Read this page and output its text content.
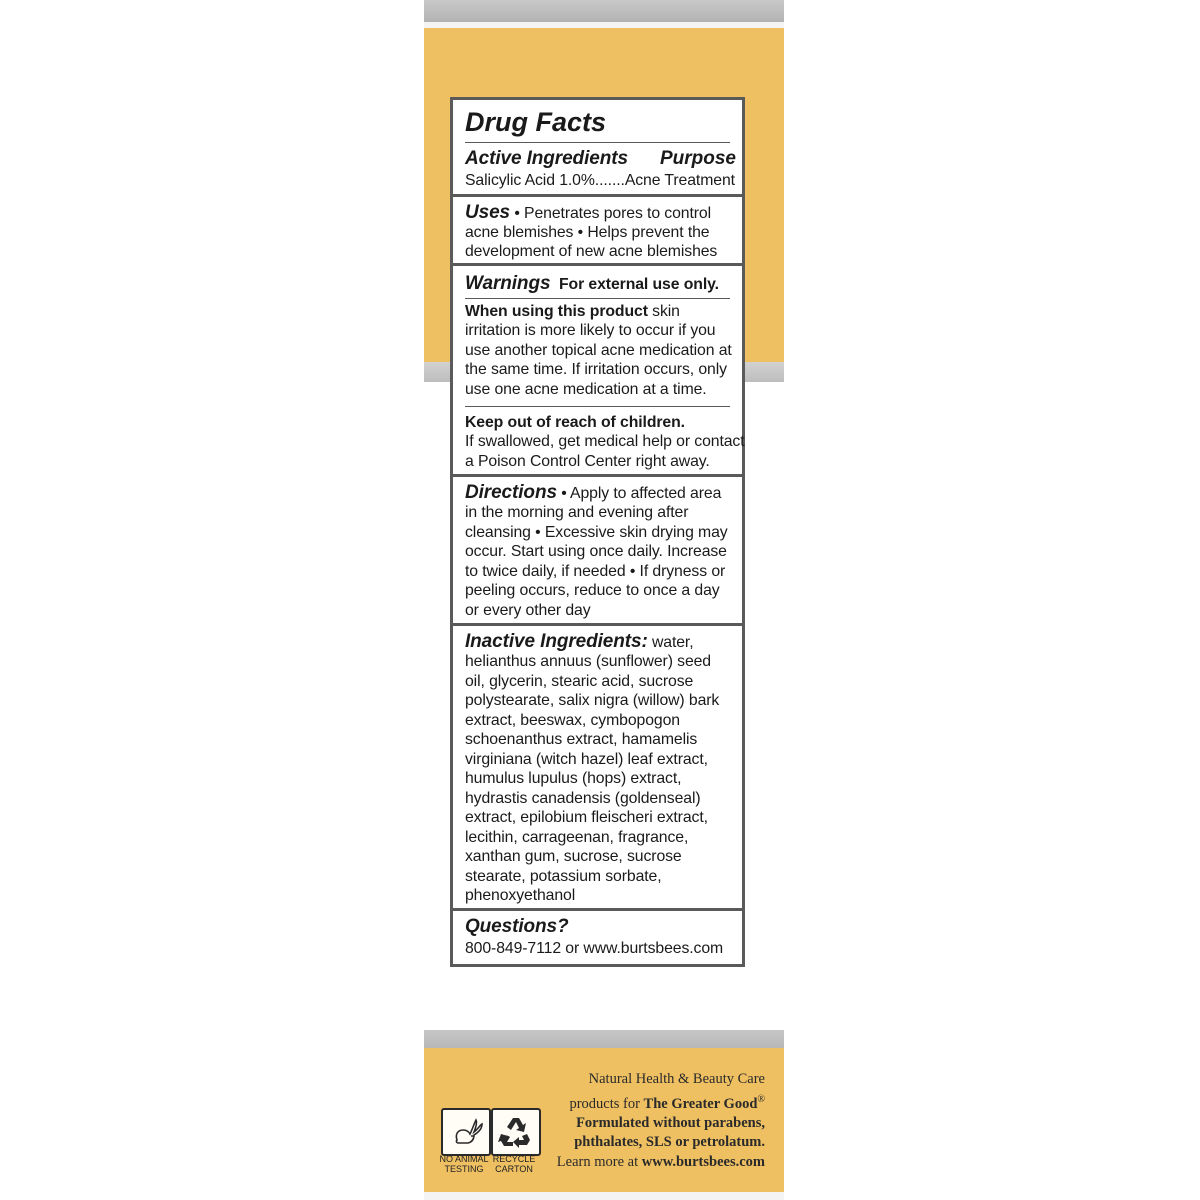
Drug Facts
Active Ingredients	Purpose
Salicylic Acid 1.0%.......Acne Treatment
Uses • Penetrates pores to control
acne blemishes • Helps prevent the
development of new acne blemishes
Warnings For external use only.
When using this product skin
irritation is more likely to occur if you
use another topical acne medication at
the same time. If irritation occurs, only
use one acne medication at a time.
Keep out of reach of children.
If swallowed, get medical help or contact
a Poison Control Center right away.
Directions • Apply to affected area
in the morning and evening after
cleansing • Excessive skin drying may
occur. Start using once daily. Increase
to twice daily, if needed • If dryness or
peeling occurs, reduce to once a day
or every other day
Inactive Ingredients: water,
helianthus annuus (sunflower) seed
oil, glycerin, stearic acid, sucrose
polystearate, salix nigra (willow) bark
extract, beeswax, cymbopogon
schoenanthus extract, hamamelis
virginiana (witch hazel) leaf extract,
humulus lupulus (hops) extract,
hydrastis canadensis (goldenseal)
extract, epilobium fleischeri extract,
lecithin, carrageenan, fragrance,
xanthan gum, sucrose, sucrose
stearate, potassium sorbate,
phenoxyethanol
Questions?
800-849-7112 or www.burtsbees.com
NO ANIMAL
TESTING
RECYCLE
CARTON
Natural Health & Beauty Care
products for The Greater Good®
Formulated without parabens,
phthalates, SLS or petrolatum.
Learn more at www.burtsbees.com
